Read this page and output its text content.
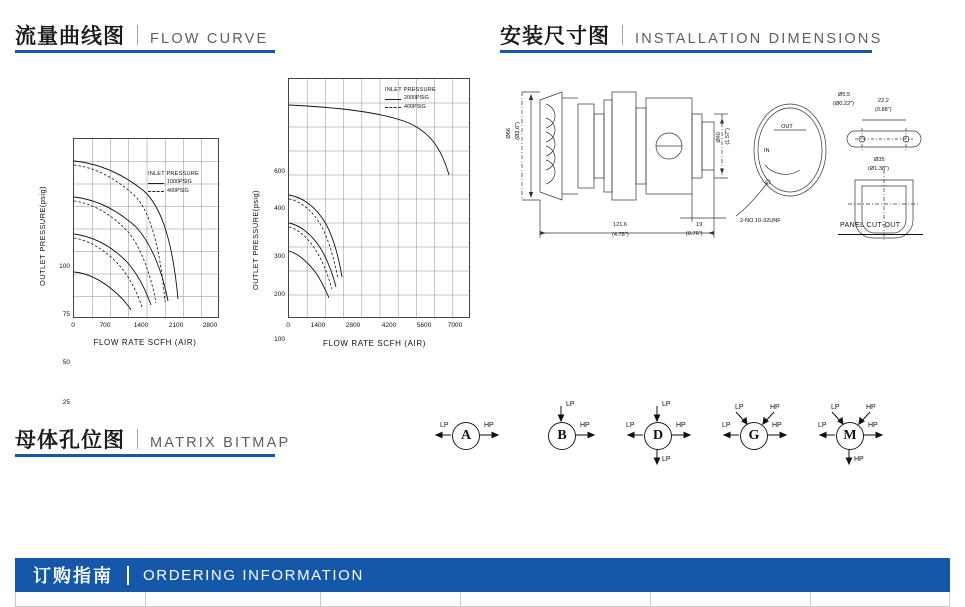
流量曲线图 FLOW CURVE	安装尺寸图 INSTALLATION DIMENSIONS
OUTLET PRESSURE(psig)	100
75
50
25
INLET PRESSURE
1000PSIG
400PSIG
0	700	1400	2100	2800
FLOW RATE SCFH (AIR)
OUTLET PRESSURE(psig)
600
400
300
200
100
INLET PRESSURE
2000PSIG
400PSIG
0	1400	2800	4200	5600	7000
FLOW RATE SCFH (AIR)
Ø66 (Ø2.6")
19
(0.76")
121.6
(4.78")
Ø40 (1.57")
Ø5.5
(Ø0.22")	22.2
(0.88")
Ø35
(Ø1.38")
2-NO.10-32UNF
OUT
IN
PANEL CUT-OUT
母体孔位图 MATRIX BITMAP	A
LP	HP
B
LP
HP
D
LP
LP	HP
LP
G
LP	HP
LP	HP
M
LP	HP
LP	HP
HP
订购指南 ORDERING INFORMATION
